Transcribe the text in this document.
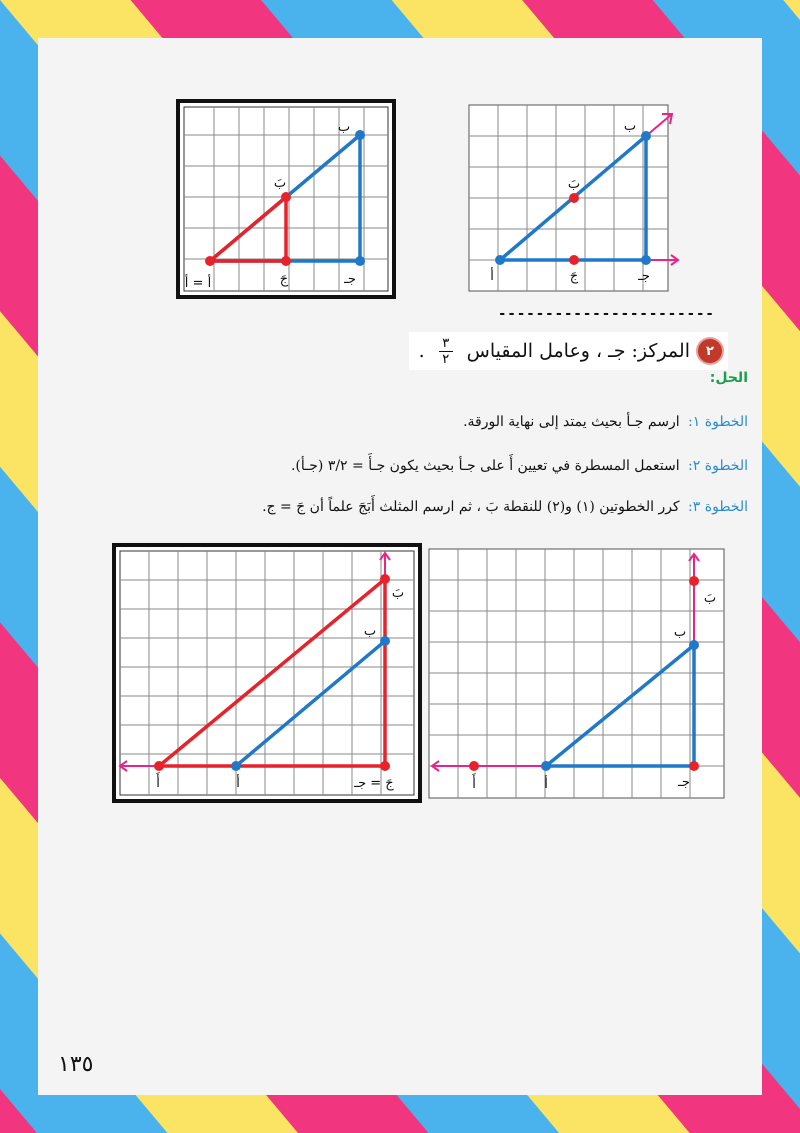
ب
بَ
جَ	جـ
أ = أ
ب
بَ
جَ	جـ
أ
-----------------------
٢
المركز: جـ ، وعامل المقياس
$\frac{٣}{٢}$
.
الحل:
الخطوة ١: ارسم جـأ بحيث يمتد إلى نهاية الورقة.
الخطوة ٢: استعمل المسطرة في تعيين أَ على جـأ بحيث يكون جـأَ = ٣/٢ (جـأ).
الخطوة ٣: كرر الخطوتين (١) و(٢) للنقطة بَ ، ثم ارسم المثلث أَبَجَ علماً أن جَ = ج.
بَ
ب
جَ = جـ
أ
أَ
بَ
ب
جـ
أ
أَ
١٣٥
